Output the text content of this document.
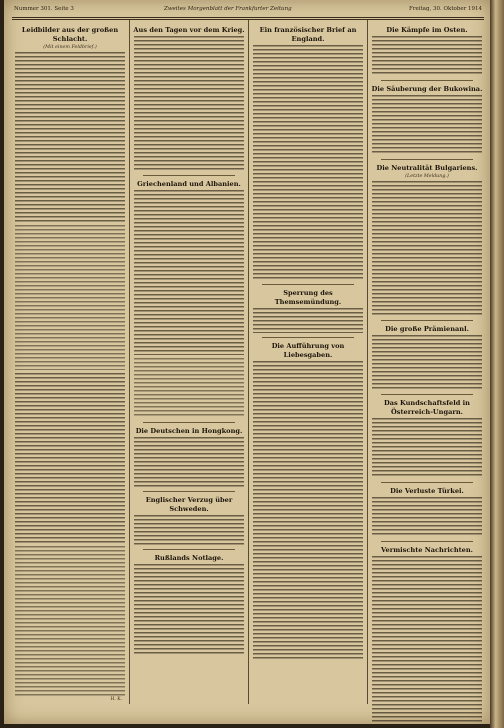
Nummer 301. Seite 3	Zweites Morgenblatt der Frankfurter Zeitung	Freitag, 30. Oktober 1914
Leidbilder aus der großen Schlacht.
(Mit einem Feldbrief.)
H. K.
Aus den Tagen vor dem Krieg.
Griechenland und Albanien.
Die Deutschen in Hongkong.
Englischer Verzug über Schweden.
Rußlands Notlage.
Ein französischer Brief an England.
Sperrung des Themsemündung.
Die Aufführung von Liebesgaben.
Die Kämpfe im Osten.
Die Säuberung der Bukowina.
Die Neutralität Bulgariens.
(Letzte Meldung.)
Die große Prämienanl.
Das Kundschaftsfeld in Österreich-Ungarn.
Die Verluste Türkei.
Vermischte Nachrichten.
